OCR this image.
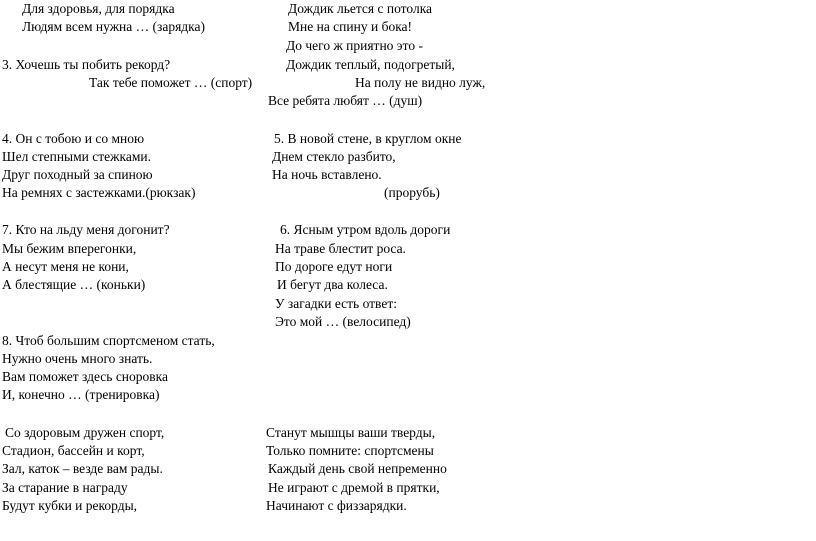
Для здоровья, для порядка
Людям всем нужна … (зарядка)
3. Хочешь ты побить рекорд?
Так тебе поможет … (спорт)
4. Он с тобою и со мною
Шел степными стежками.
Друг походный за спиною
На ремнях с застежками.(рюкзак)
7. Кто на льду меня догонит?
Мы бежим вперегонки,
А несут меня не кони,
А блестящие … (коньки)
8. Чтоб большим спортсменом стать,
Нужно очень много знать.
Вам поможет здесь сноровка
И, конечно … (тренировка)
Со здоровым дружен спорт,
Стадион, бассейн и корт,
Зал, каток – везде вам рады.
За старание в награду
Будут кубки и рекорды,
Дождик льется с потолка
Мне на спину и бока!
До чего ж приятно это -
Дождик теплый, подогретый,
На полу не видно луж,
Все ребята любят … (душ)
5. В новой стене, в круглом окне
Днем стекло разбито,
На ночь вставлено.
(прорубь)
6. Ясным утром вдоль дороги
На траве блестит роса.
По дороге едут ноги
И бегут два колеса.
У загадки есть ответ:
Это мой … (велосипед)
Станут мышцы ваши тверды,
Только помните: спортсмены
Каждый день свой непременно
Не играют с дремой в прятки,
Начинают с физзарядки.
